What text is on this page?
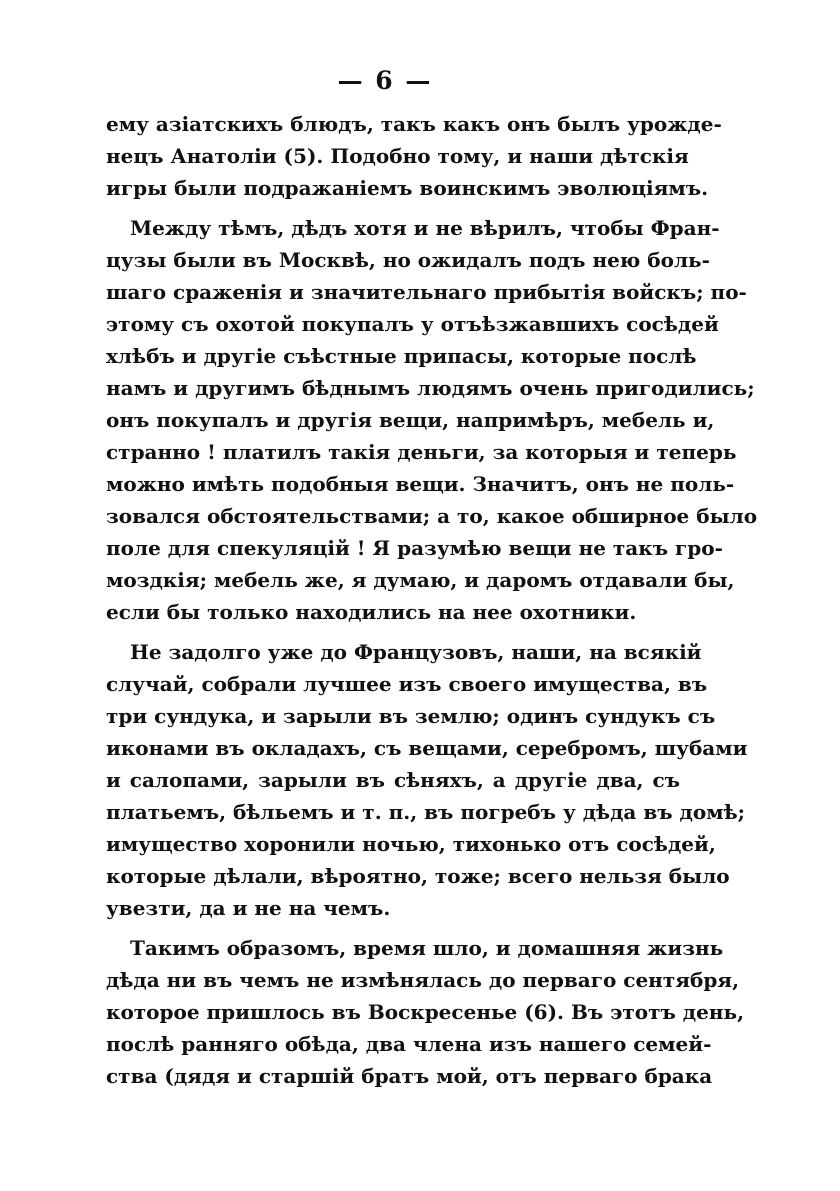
— 6 —
ему азіатскихъ блюдъ, такъ какъ онъ былъ урожде-
нецъ Анатоліи (5). Подобно тому, и наши дѣтскія
игры были подражаніемъ воинскимъ эволюціямъ.
Между тѣмъ, дѣдъ хотя и не вѣрилъ, чтобы Фран-
цузы были въ Москвѣ, но ожидалъ подъ нею боль-
шаго сраженія и значительнаго прибытія войскъ; по-
этому съ охотой покупалъ у отъѣзжавшихъ сосѣдей
хлѣбъ и другіе съѣстные припасы, которые послѣ
намъ и другимъ бѣднымъ людямъ очень пригодились;
онъ покупалъ и другія вещи, напримѣръ, мебель и,
странно ! платилъ такія деньги, за которыя и теперь
можно имѣть подобныя вещи. Значитъ, онъ не поль-
зовался обстоятельствами; а то, какое обширное было
поле для спекуляцій ! Я разумѣю вещи не такъ гро-
моздкія; мебель же, я думаю, и даромъ отдавали бы,
если бы только находились на нее охотники.
Не задолго уже до Французовъ, наши, на всякій
случай, собрали лучшее изъ своего имущества, въ
три сундука, и зарыли въ землю; одинъ сундукъ съ
иконами въ окладахъ, съ вещами, серебромъ, шубами
и салопами, зарыли въ сѣняхъ, а другіе два, съ
платьемъ, бѣльемъ и т. п., въ погребъ у дѣда въ домѣ;
имущество хоронили ночью, тихонько отъ сосѣдей,
которые дѣлали, вѣроятно, тоже; всего нельзя было
увезти, да и не на чемъ.
Такимъ образомъ, время шло, и домашняя жизнь
дѣда ни въ чемъ не измѣнялась до перваго сентября,
которое пришлось въ Воскресенье (6). Въ этотъ день,
послѣ ранняго обѣда, два члена изъ нашего семей-
ства (дядя и старшій братъ мой, отъ перваго брака
